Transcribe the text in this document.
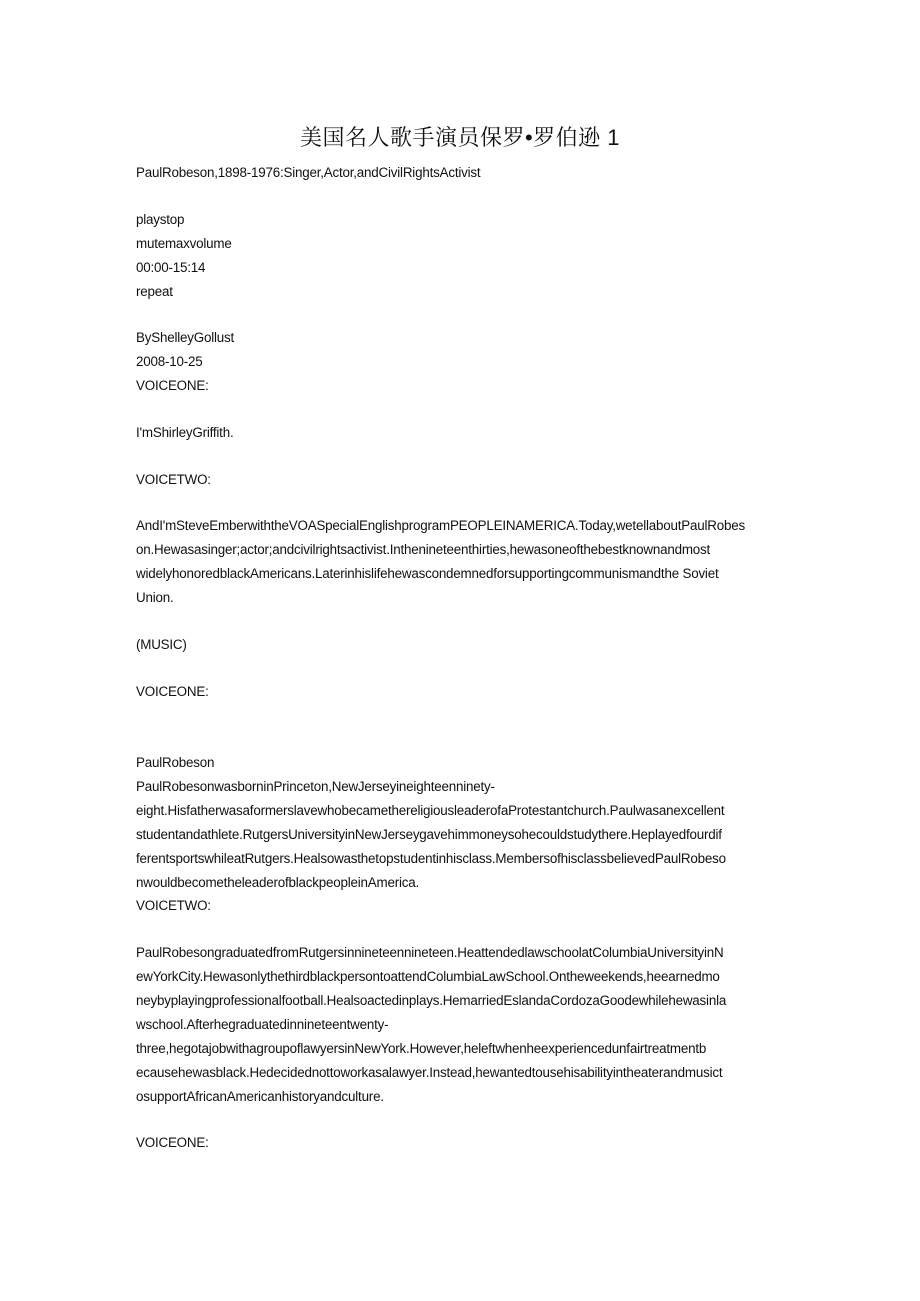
美国名人歌手演员保罗•罗伯逊 1
PaulRobeson,1898-1976:Singer,Actor,andCivilRightsActivist
playstop
mutemaxvolume
00:00-15:14
repeat
ByShelleyGollust
2008-10-25
VOICEONE:
I'mShirleyGriffith.
VOICETWO:
AndI'mSteveEmberwiththeVOASpecialEnglishprogramPEOPLEINAMERICA.Today,wetellaboutPaulRobes
on.Hewasasinger;actor;andcivilrightsactivist.Inthenineteenthirties,hewasoneofthebestknownandmost
widelyhonoredblackAmericans.Laterinhislifehewascondemnedforsupportingcommunismandthe Soviet
Union.
(MUSIC)
VOICEONE:
PaulRobeson
PaulRobesonwasborninPrinceton,NewJerseyineighteenninety-
eight.HisfatherwasaformerslavewhobecamethereligiousleaderofaProtestantchurch.Paulwasanexcellent
studentandathlete.RutgersUniversityinNewJerseygavehimmoneysohecouldstudythere.Heplayedfourdif
ferentsportswhileatRutgers.Healsowasthetopstudentinhisclass.MembersofhisclassbelievedPaulRobeso
nwouldbecometheleaderofblackpeopleinAmerica.
VOICETWO:
PaulRobesongraduatedfromRutgersinnineteennineteen.HeattendedlawschoolatColumbiaUniversityinN
ewYorkCity.HewasonlythethirdblackpersontoattendColumbiaLawSchool.Ontheweekends,heearnedmo
neybyplayingprofessionalfootball.Healsoactedinplays.HemarriedEslandaCordozaGoodewhilehewasinla
wschool.Afterhegraduatedinnineteentwenty-
three,hegotajobwithagroupoflawyersinNewYork.However,heleftwhenheexperiencedunfairtreatmentb
ecausehewasblack.Hedecidednottoworkasalawyer.Instead,hewantedtousehisabilityintheaterandmusict
osupportAfricanAmericanhistoryandculture.
VOICEONE:
